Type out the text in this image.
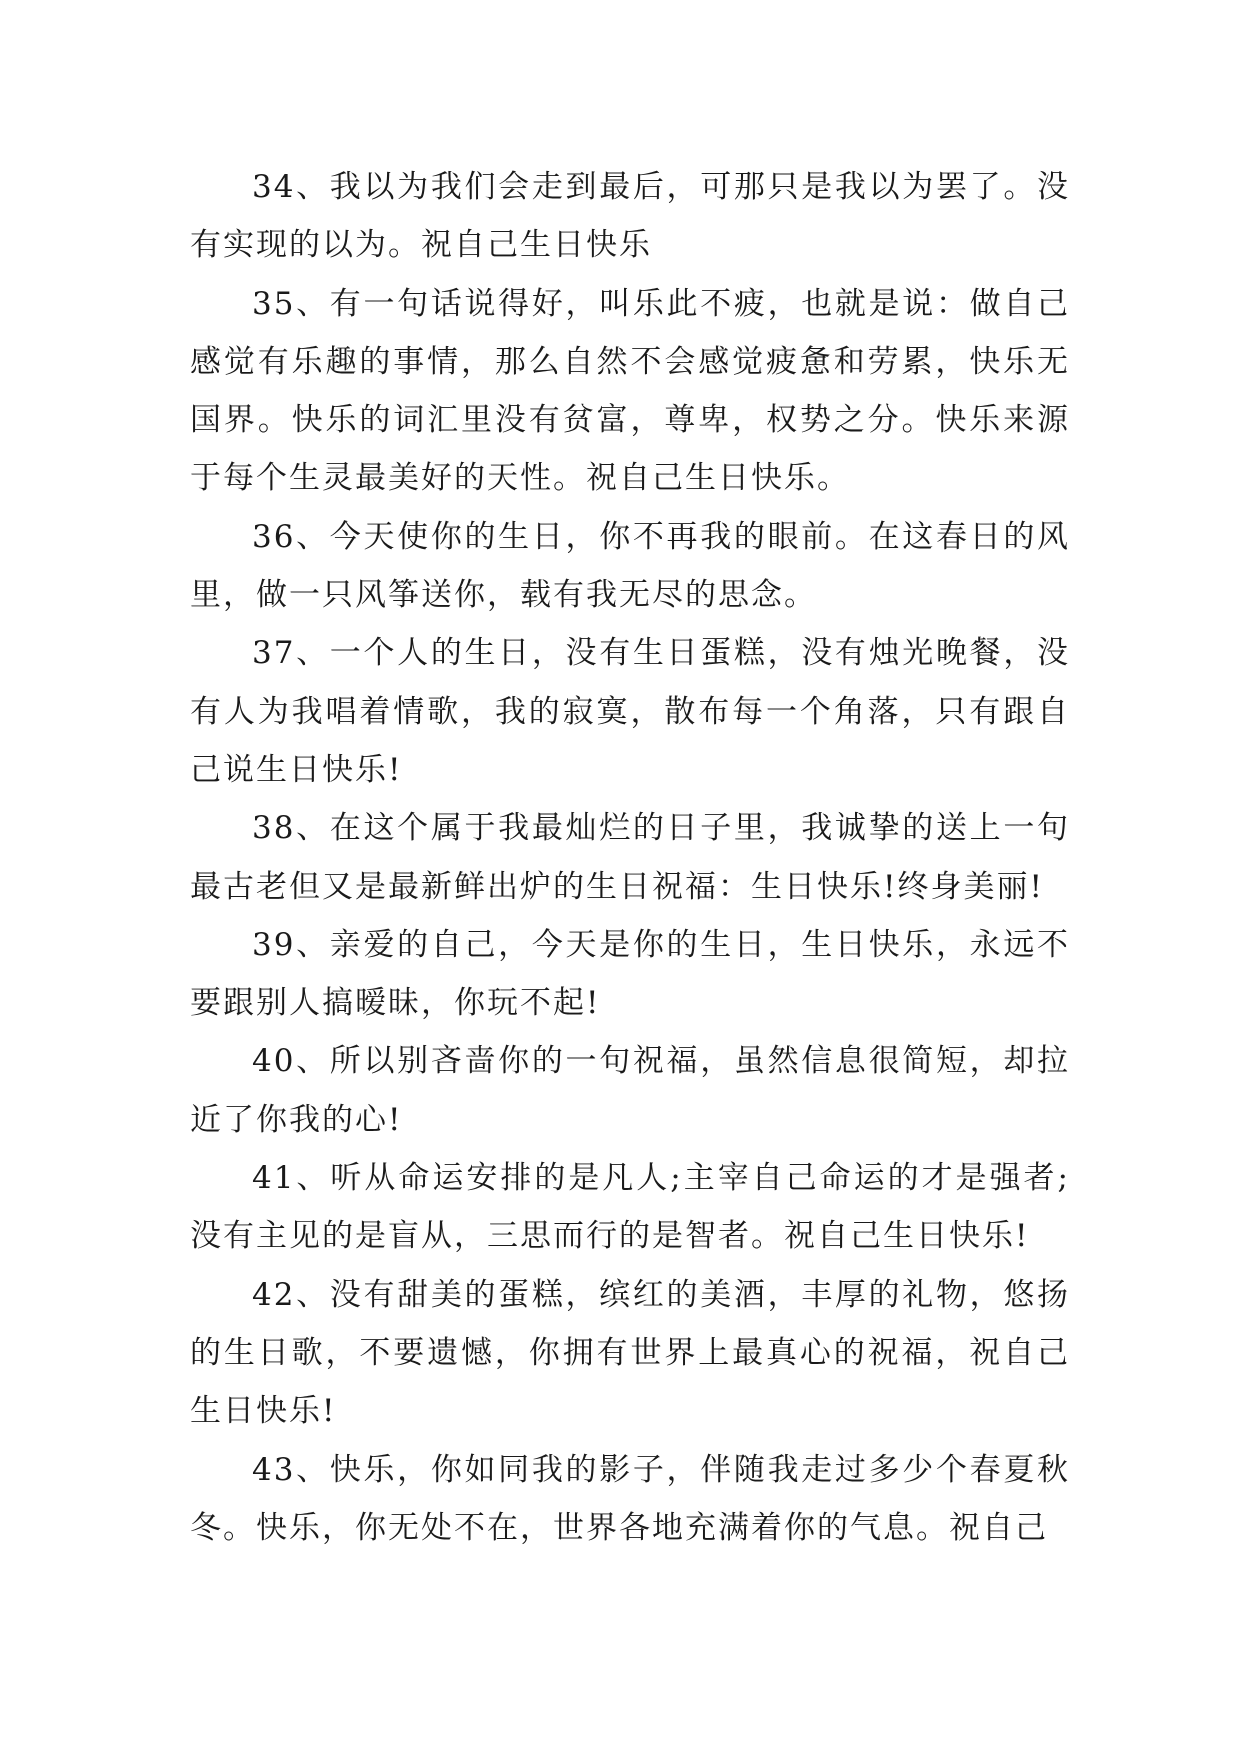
34、我以为我们会走到最后，可那只是我以为罢了。没有实现的以为。祝自己生日快乐

35、有一句话说得好，叫乐此不疲，也就是说：做自己感觉有乐趣的事情，那么自然不会感觉疲惫和劳累，快乐无国界。快乐的词汇里没有贫富，尊卑，权势之分。快乐来源于每个生灵最美好的天性。祝自己生日快乐。

36、今天使你的生日，你不再我的眼前。在这春日的风里，做一只风筝送你，载有我无尽的思念。

37、一个人的生日，没有生日蛋糕，没有烛光晚餐，没有人为我唱着情歌，我的寂寞，散布每一个角落，只有跟自己说生日快乐!

38、在这个属于我最灿烂的日子里，我诚挚的送上一句最古老但又是最新鲜出炉的生日祝福：生日快乐!终身美丽!

39、亲爱的自己，今天是你的生日，生日快乐，永远不要跟别人搞暧昧，你玩不起!

40、所以别吝啬你的一句祝福，虽然信息很简短，却拉近了你我的心!

41、听从命运安排的是凡人;主宰自己命运的才是强者;没有主见的是盲从，三思而行的是智者。祝自己生日快乐!

42、没有甜美的蛋糕，缤红的美酒，丰厚的礼物，悠扬的生日歌，不要遗憾，你拥有世界上最真心的祝福，祝自己生日快乐!

43、快乐，你如同我的影子，伴随我走过多少个春夏秋冬。快乐，你无处不在，世界各地充满着你的气息。祝自己
